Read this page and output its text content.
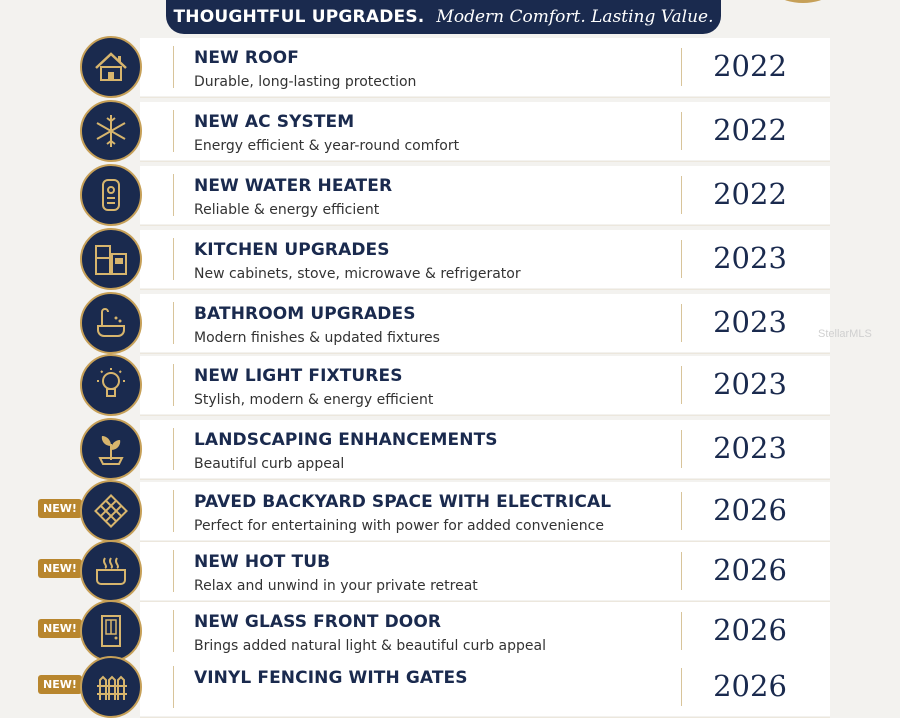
THOUGHTFUL UPGRADES. Modern Comfort. Lasting Value.
NEW ROOF
Durable, long-lasting protection	2022
NEW AC SYSTEM
Energy efficient & year-round comfort	2022
NEW WATER HEATER
Reliable & energy efficient	2022
KITCHEN UPGRADES
New cabinets, stove, microwave & refrigerator	2023
BATHROOM UPGRADES
Modern finishes & updated fixtures	2023
NEW LIGHT FIXTURES
Stylish, modern & energy efficient	2023
LANDSCAPING ENHANCEMENTS
Beautiful curb appeal	2023
NEW!	PAVED BACKYARD SPACE WITH ELECTRICAL
Perfect for entertaining with power for added convenience	2026
NEW!	NEW HOT TUB
Relax and unwind in your private retreat	2026
NEW!	NEW GLASS FRONT DOOR
Brings added natural light & beautiful curb appeal	2026
NEW!	VINYL FENCING WITH GATES	2026
StellarMLS
